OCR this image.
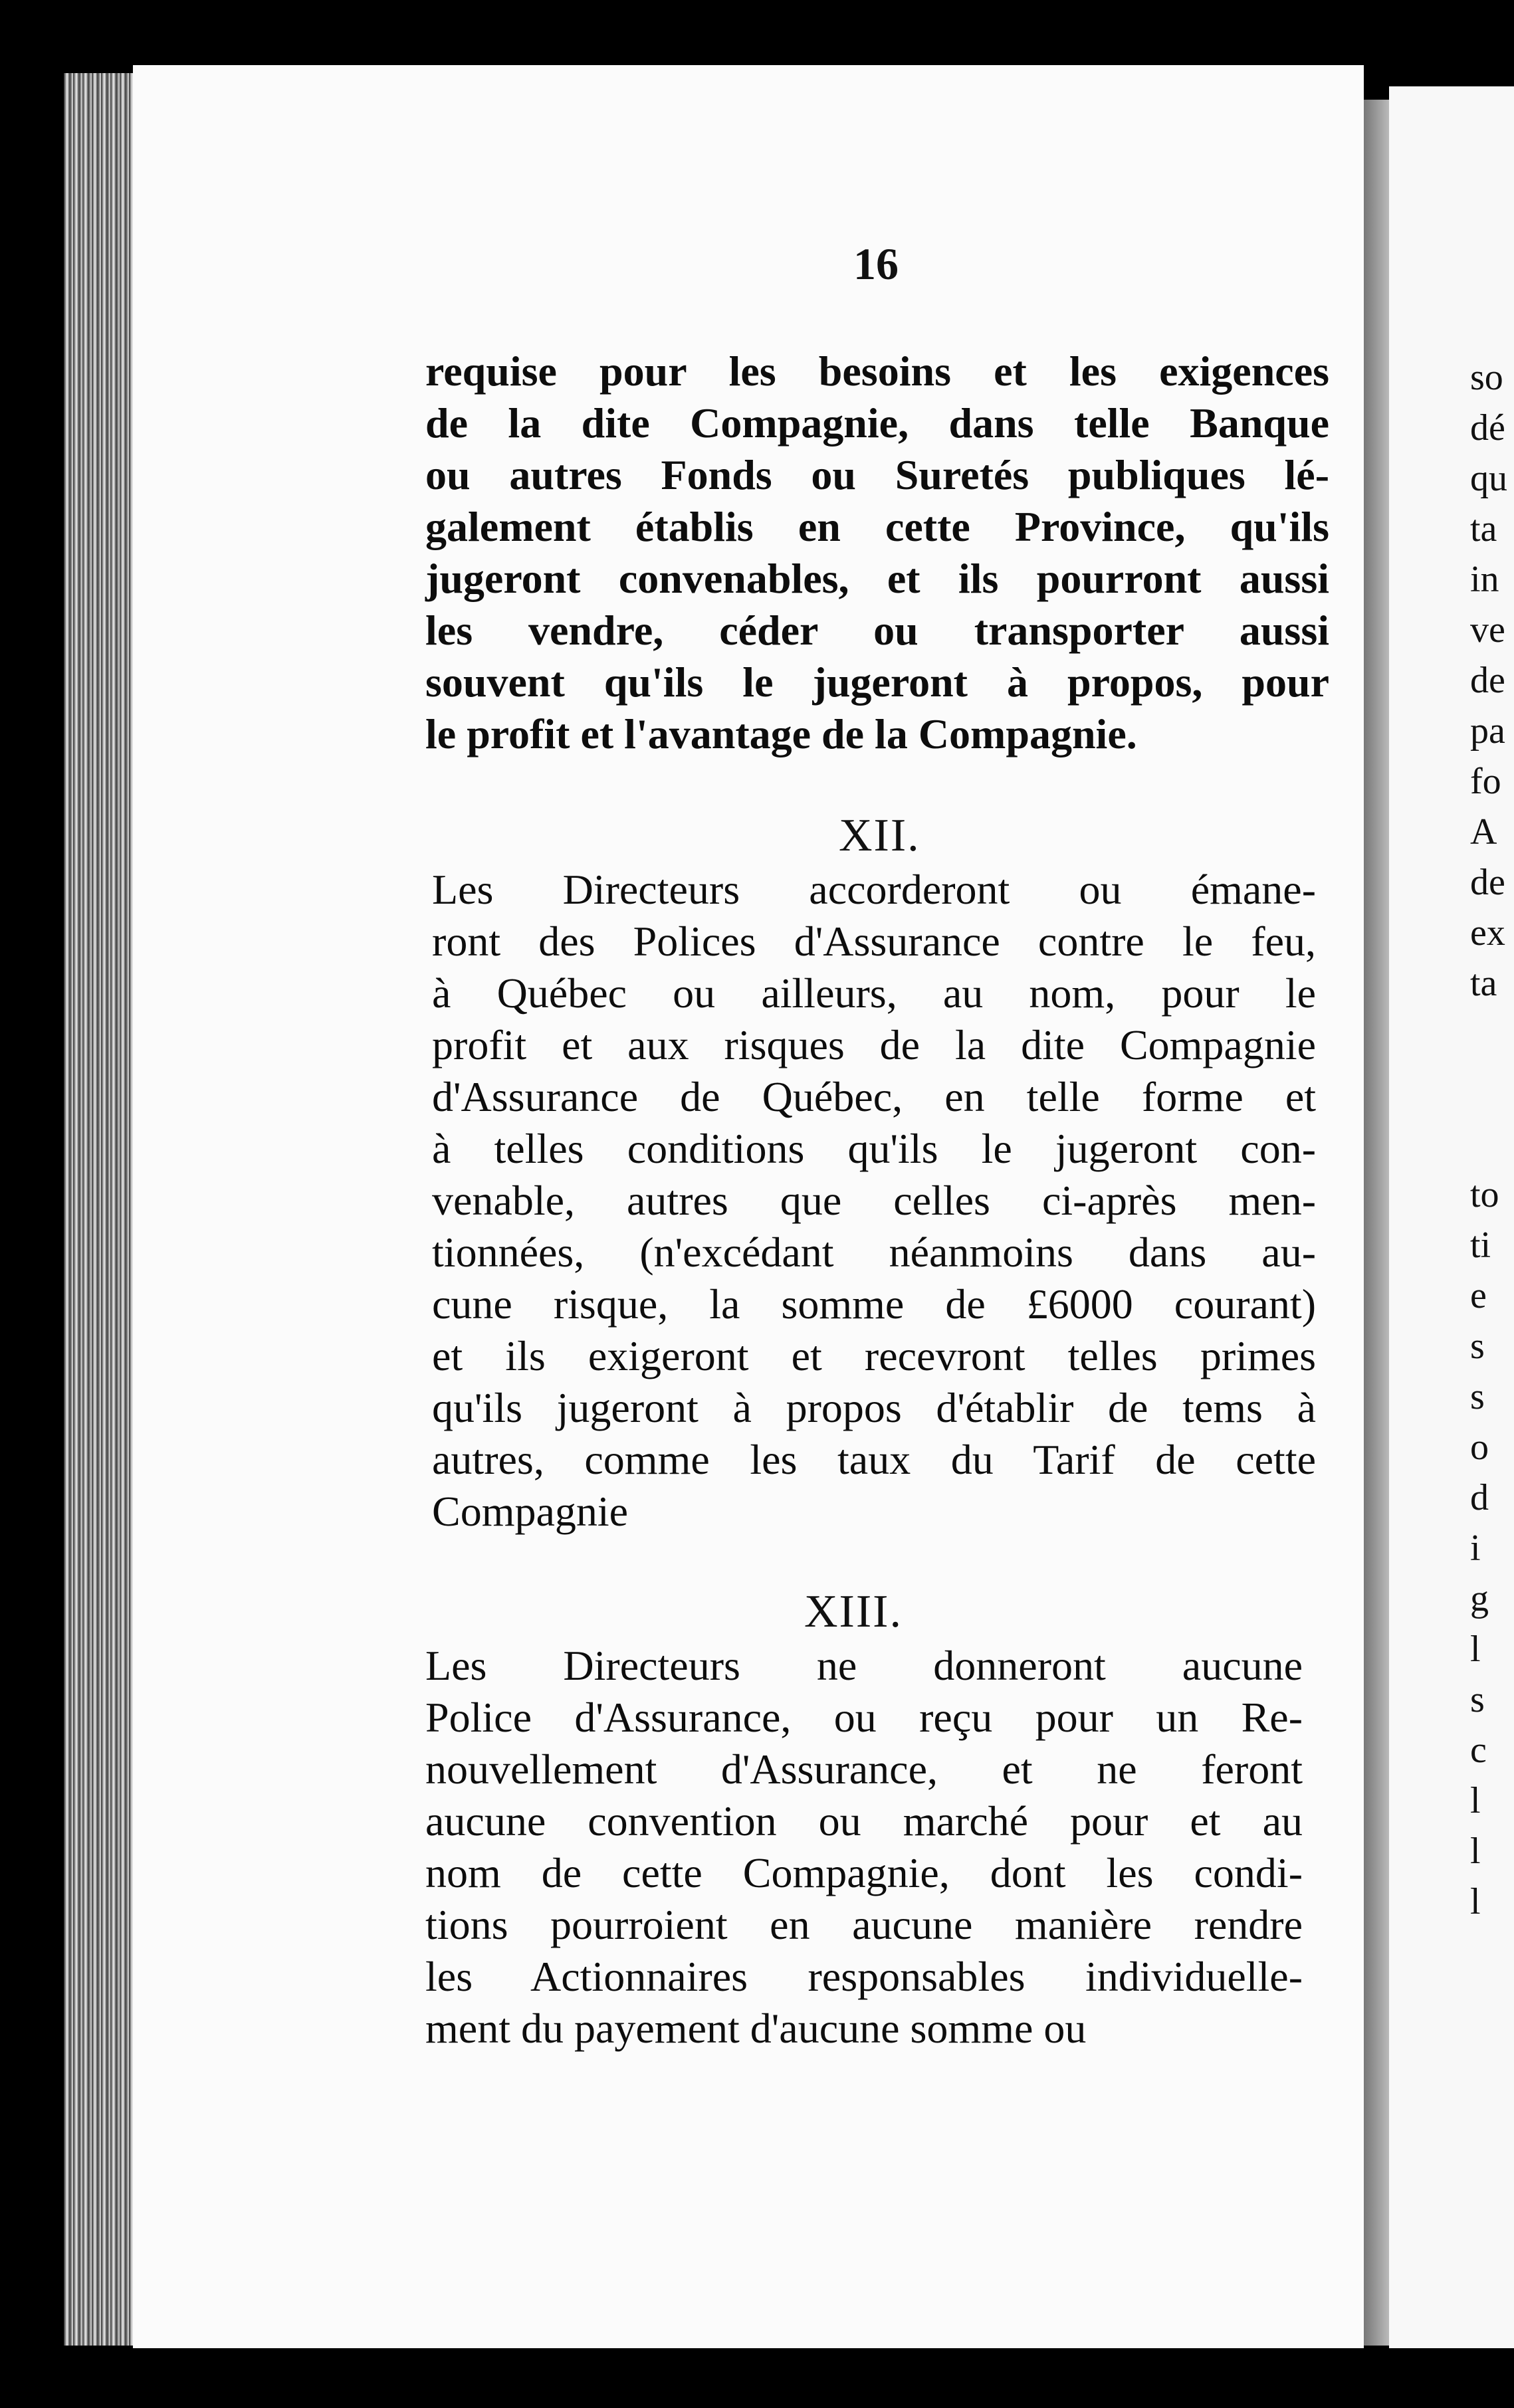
16
requise pour les besoins et les exigences
de la dite Compagnie, dans telle Banque
ou autres Fonds ou Suretés publiques lé-
galement établis en cette Province, qu'ils
jugeront convenables, et ils pourront aussi
les vendre, céder ou transporter aussi
souvent qu'ils le jugeront à propos, pour
le profit et l'avantage de la Compagnie.
XII.
Les Directeurs accorderont ou émane-
ront des Polices d'Assurance contre le feu,
à Québec ou ailleurs, au nom, pour le
profit et aux risques de la dite Compagnie
d'Assurance de Québec, en telle forme et
à telles conditions qu'ils le jugeront con-
venable, autres que celles ci-après men-
tionnées, (n'excédant néanmoins dans au-
cune risque, la somme de £6000 courant)
et ils exigeront et recevront telles primes
qu'ils jugeront à propos d'établir de tems à
autres, comme les taux du Tarif de cette
Compagnie
XIII.
Les Directeurs ne donneront aucune
Police d'Assurance, ou reçu pour un Re-
nouvellement d'Assurance, et ne feront
aucune convention ou marché pour et au
nom de cette Compagnie, dont les condi-
tions pourroient en aucune manière rendre
les Actionnaires responsables individuelle-
ment du payement d'aucune somme ou
so
dé
qu
ta
in
ve
de
pa
fo
A
de
ex
ta
to
ti
e
s
s
o
d
i
g
l
s
c
l
l
l
